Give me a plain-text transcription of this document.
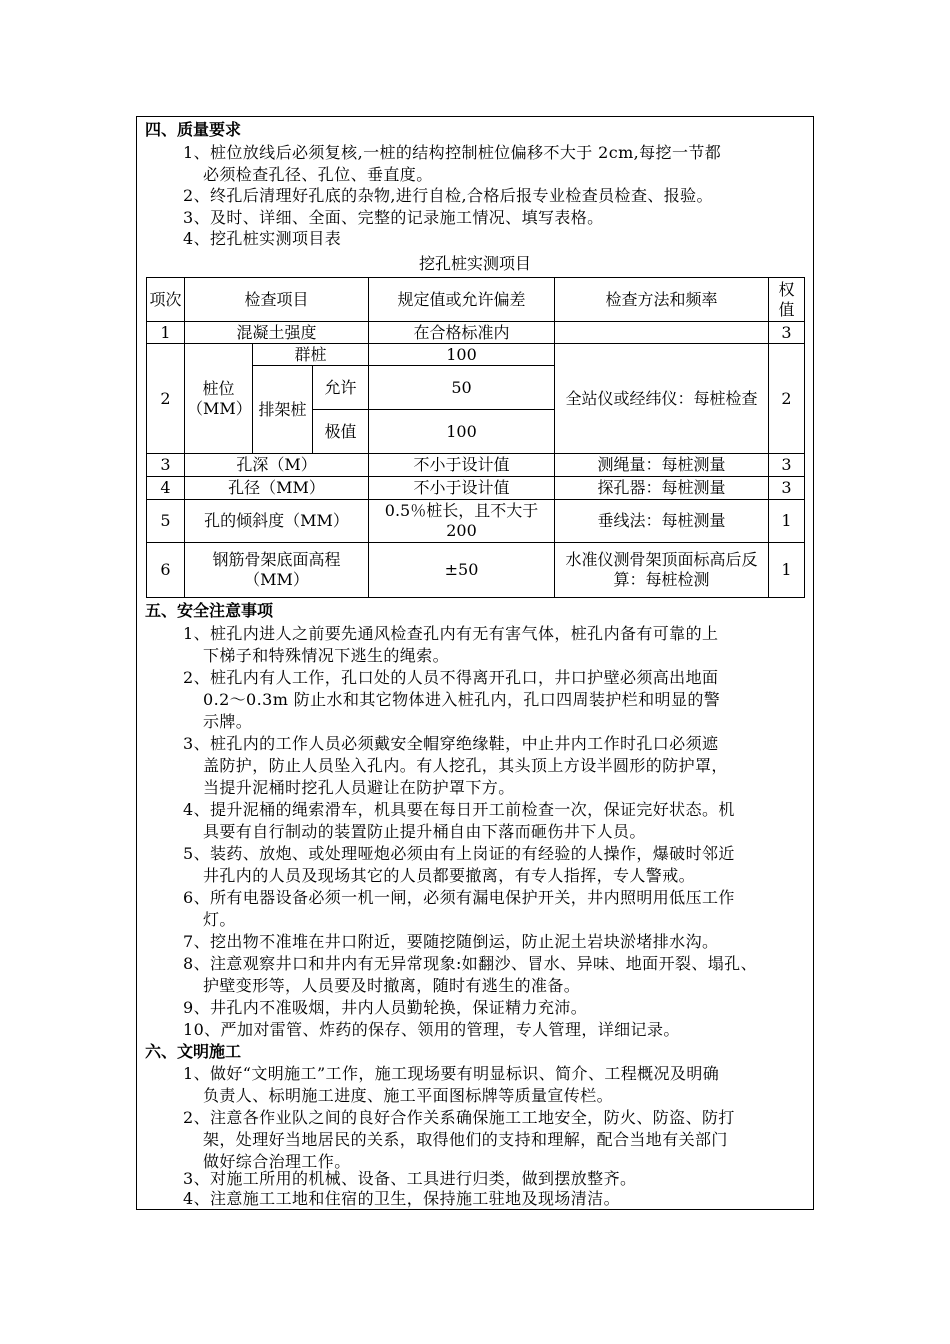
四、质量要求
1、桩位放线后必须复核,一桩的结构控制桩位偏移不大于 2cm,每挖一节都
必须检查孔径、孔位、垂直度。
2、终孔后清理好孔底的杂物,进行自检,合格后报专业检查员检查、报验。
3、及时、详细、全面、完整的记录施工情况、填写表格。
4、挖孔桩实测项目表
挖孔桩实测项目
项次	检查项目			规定值或允许偏差	检查方法和频率	权值
1	混凝土强度			在合格标准内		3
2	桩位（MM）	群桩		100	全站仪或经纬仪：每桩检查	2
		排架桩	允许	50		
			极值	100		
3	孔深（M）			不小于设计值	测绳量：每桩测量	3
4	孔径（MM）			不小于设计值	探孔器：每桩测量	3
5	孔的倾斜度（MM）			0.5％桩长，且不大于200	垂线法：每桩测量	1
6	钢筋骨架底面高程（MM）			±50	水准仪测骨架顶面标高后反算：每桩检测	1
五、安全注意事项
1、桩孔内进人之前要先通风检查孔内有无有害气体，桩孔内备有可靠的上
下梯子和特殊情况下逃生的绳索。
2、桩孔内有人工作，孔口处的人员不得离开孔口，井口护壁必须高出地面
0.2～0.3m 防止水和其它物体进入桩孔内，孔口四周装护栏和明显的警
示牌。
3、桩孔内的工作人员必须戴安全帽穿绝缘鞋，中止井内工作时孔口必须遮
盖防护，防止人员坠入孔内。有人挖孔，其头顶上方设半圆形的防护罩，
当提升泥桶时挖孔人员避让在防护罩下方。
4、提升泥桶的绳索滑车，机具要在每日开工前检查一次，保证完好状态。机
具要有自行制动的装置防止提升桶自由下落而砸伤井下人员。
5、装药、放炮、或处理哑炮必须由有上岗证的有经验的人操作，爆破时邻近
井孔内的人员及现场其它的人员都要撤离，有专人指挥，专人警戒。
6、所有电器设备必须一机一闸，必须有漏电保护开关，井内照明用低压工作
灯。
7、挖出物不准堆在井口附近，要随挖随倒运，防止泥土岩块淤堵排水沟。
8、注意观察井口和井内有无异常现象:如翻沙、冒水、异味、地面开裂、塌孔、
护壁变形等，人员要及时撤离，随时有逃生的准备。
9、井孔内不准吸烟，井内人员勤轮换，保证精力充沛。
10、严加对雷管、炸药的保存、领用的管理，专人管理，详细记录。
六、文明施工
1、做好“文明施工”工作，施工现场要有明显标识、简介、工程概况及明确
负责人、标明施工进度、施工平面图标牌等质量宣传栏。
2、注意各作业队之间的良好合作关系确保施工工地安全，防火、防盗、防打
架，处理好当地居民的关系，取得他们的支持和理解，配合当地有关部门
做好综合治理工作。
3、对施工所用的机械、设备、工具进行归类，做到摆放整齐。
4、注意施工工地和住宿的卫生，保持施工驻地及现场清洁。
